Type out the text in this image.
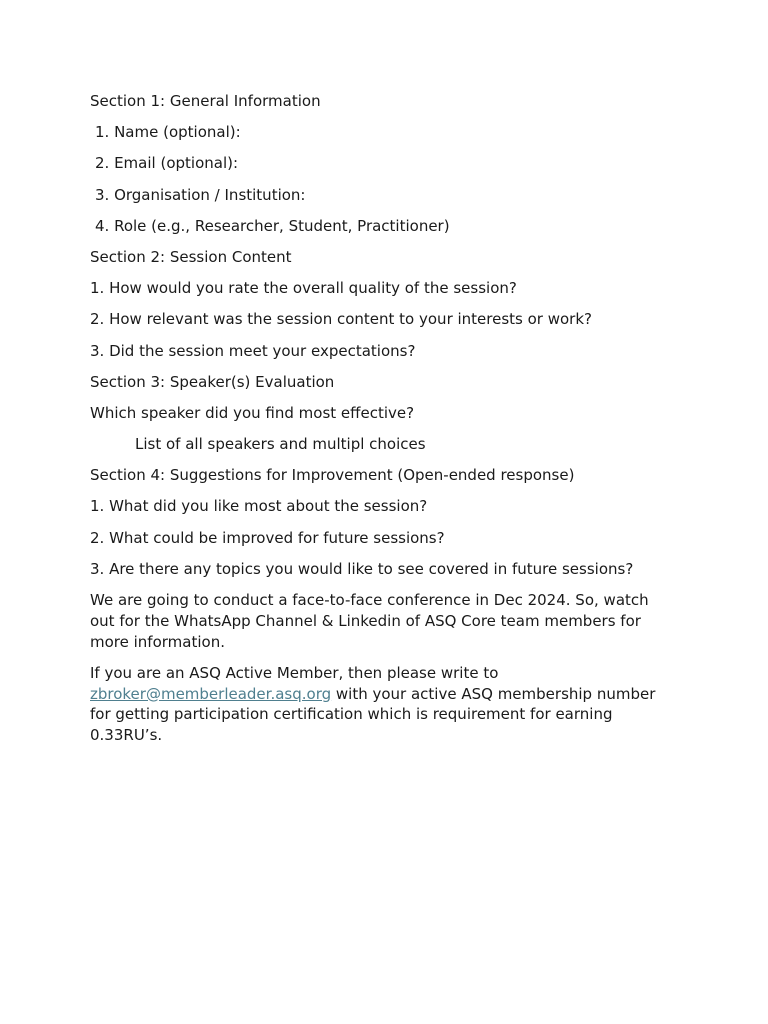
Section 1: General Information
1. Name (optional):
2. Email (optional):
3. Organisation / Institution:
4. Role (e.g., Researcher, Student, Practitioner)
Section 2: Session Content
1. How would you rate the overall quality of the session?
2. How relevant was the session content to your interests or work?
3. Did the session meet your expectations?
Section 3: Speaker(s) Evaluation
Which speaker did you find most effective?
List of all speakers and multipl choices
Section 4: Suggestions for Improvement (Open-ended response)
1. What did you like most about the session?
2. What could be improved for future sessions?
3. Are there any topics you would like to see covered in future sessions?
We are going to conduct a face-to-face conference in Dec 2024. So, watch out for the WhatsApp Channel & Linkedin of ASQ Core team members for more information.
If you are an ASQ Active Member, then please write to zbroker@memberleader.asq.org with your active ASQ membership number for getting participation certification which is requirement for earning 0.33RU’s.
